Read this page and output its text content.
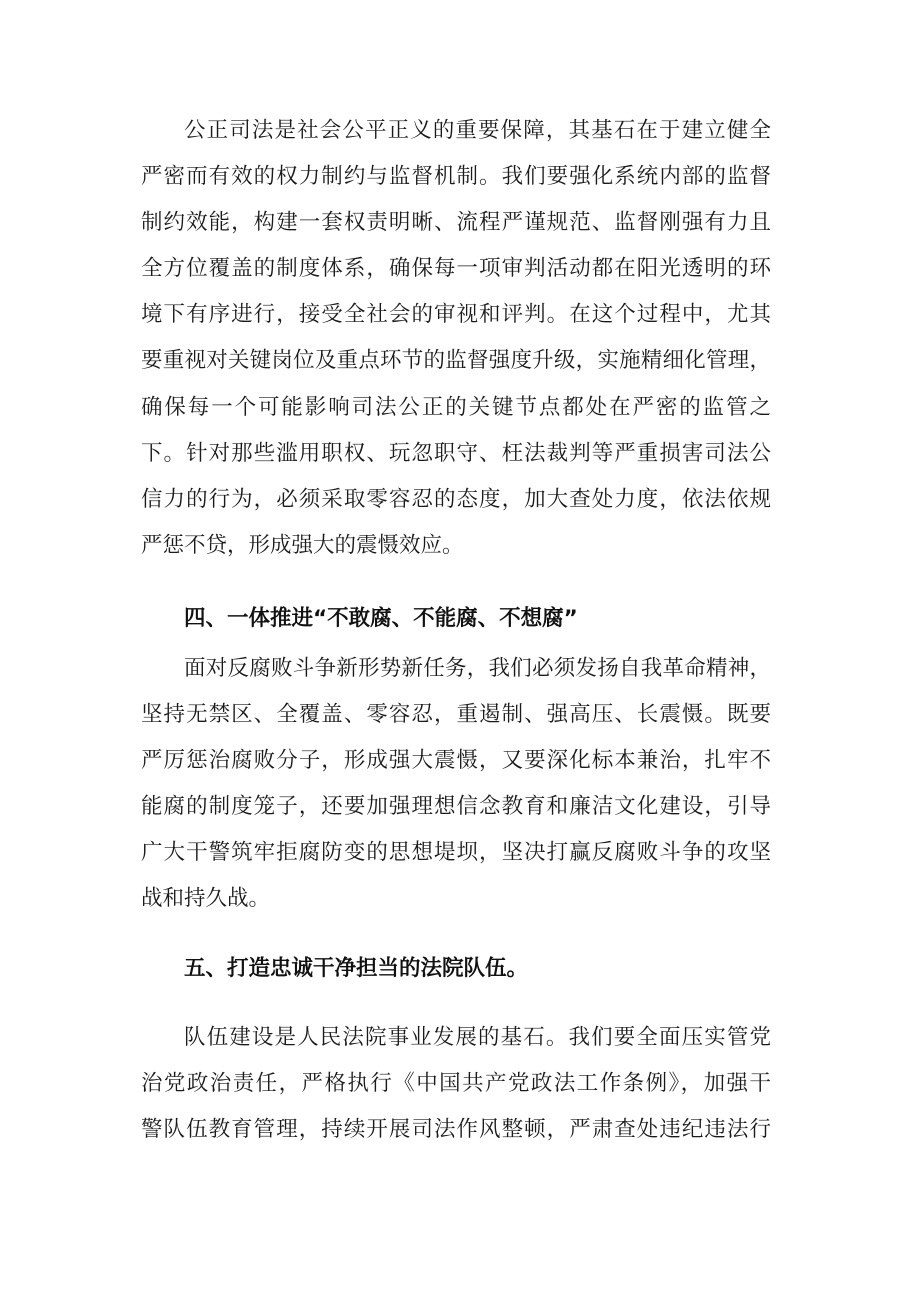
公正司法是社会公平正义的重要保障，其基石在于建立健全
严密而有效的权力制约与监督机制。我们要强化系统内部的监督
制约效能，构建一套权责明晰、流程严谨规范、监督刚强有力且
全方位覆盖的制度体系，确保每一项审判活动都在阳光透明的环
境下有序进行，接受全社会的审视和评判。在这个过程中，尤其
要重视对关键岗位及重点环节的监督强度升级，实施精细化管理，
确保每一个可能影响司法公正的关键节点都处在严密的监管之
下。针对那些滥用职权、玩忽职守、枉法裁判等严重损害司法公
信力的行为，必须采取零容忍的态度，加大查处力度，依法依规
严惩不贷，形成强大的震慑效应。
四、一体推进“不敢腐、不能腐、不想腐”
面对反腐败斗争新形势新任务，我们必须发扬自我革命精神，
坚持无禁区、全覆盖、零容忍，重遏制、强高压、长震慑。既要
严厉惩治腐败分子，形成强大震慑，又要深化标本兼治，扎牢不
能腐的制度笼子，还要加强理想信念教育和廉洁文化建设，引导
广大干警筑牢拒腐防变的思想堤坝，坚决打赢反腐败斗争的攻坚
战和持久战。
五、打造忠诚干净担当的法院队伍。
队伍建设是人民法院事业发展的基石。我们要全面压实管党
治党政治责任，严格执行《中国共产党政法工作条例》，加强干
警队伍教育管理，持续开展司法作风整顿，严肃查处违纪违法行
